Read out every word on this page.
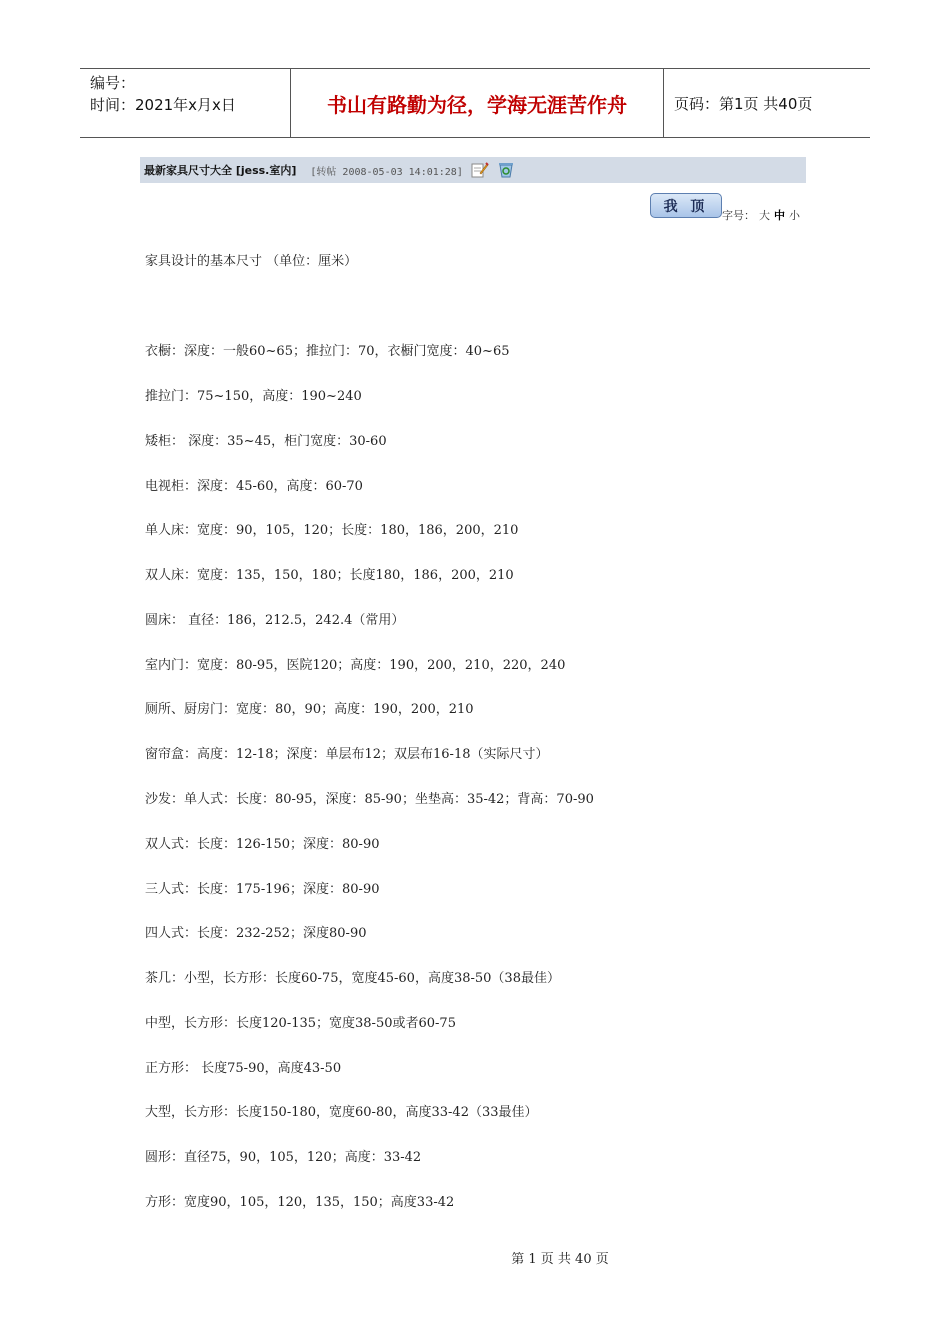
编号：
时间：2021年x月x日	书山有路勤为径，学海无涯苦作舟	页码：第1页 共40页
最新家具尺寸大全 [jess.室内] [转帖 2008-05-03 14:01:28]
我 顶
字号： 大 中 小
家具设计的基本尺寸 （单位：厘米）
衣橱：深度：一般60~65；推拉门：70，衣橱门宽度：40~65
推拉门：75~150，高度：190~240
矮柜： 深度：35~45，柜门宽度：30-60
电视柜：深度：45-60，高度：60-70
单人床：宽度：90，105，120；长度：180，186，200，210
双人床：宽度：135，150，180；长度180，186，200，210
圆床： 直径：186，212.5，242.4（常用）
室内门：宽度：80-95，医院120；高度：190，200，210，220，240
厕所、厨房门：宽度：80，90；高度：190，200，210
窗帘盒：高度：12-18；深度：单层布12；双层布16-18（实际尺寸）
沙发：单人式：长度：80-95，深度：85-90；坐垫高：35-42；背高：70-90
双人式：长度：126-150；深度：80-90
三人式：长度：175-196；深度：80-90
四人式：长度：232-252；深度80-90
茶几：小型，长方形：长度60-75，宽度45-60，高度38-50（38最佳）
中型，长方形：长度120-135；宽度38-50或者60-75
正方形： 长度75-90，高度43-50
大型，长方形：长度150-180，宽度60-80，高度33-42（33最佳）
圆形：直径75，90，105，120；高度：33-42
方形：宽度90，105，120，135，150；高度33-42
第 1 页 共 40 页
